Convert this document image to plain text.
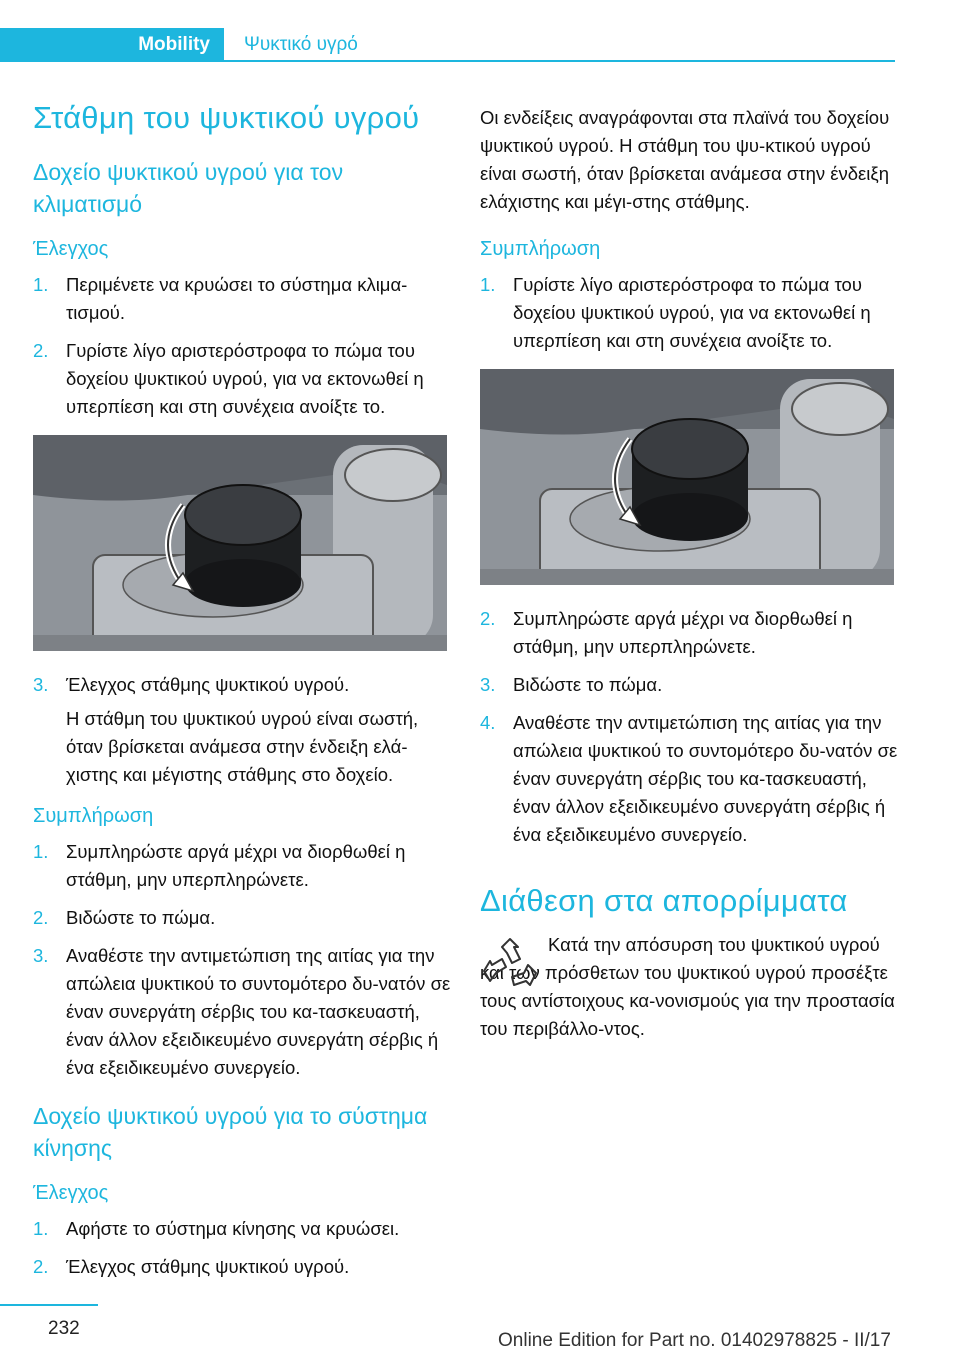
Mobility	Ψυκτικό υγρό
Στάθμη του ψυκτικού υγρού
Δοχείο ψυκτικού υγρού για τον κλιματισμό
Έλεγχος
1. Περιμένετε να κρυώσει το σύστημα κλιμα-τισμού.
2. Γυρίστε λίγο αριστερόστροφα το πώμα του δοχείου ψυκτικού υγρού, για να εκτονωθεί η υπερπίεση και στη συνέχεια ανοίξτε το.
3. Έλεγχος στάθμης ψυκτικού υγρού.

Η στάθμη του ψυκτικού υγρού είναι σωστή, όταν βρίσκεται ανάμεσα στην ένδειξη ελά-χιστης και μέγιστης στάθμης στο δοχείο.

Συμπλήρωση
1. Συμπληρώστε αργά μέχρι να διορθωθεί η στάθμη, μην υπερπληρώνετε.
2. Βιδώστε το πώμα.
3. Αναθέστε την αντιμετώπιση της αιτίας για την απώλεια ψυκτικού το συντομότερο δυ-νατόν σε έναν συνεργάτη σέρβις του κα-τασκευαστή, έναν άλλον εξειδικευμένο συνεργάτη σέρβις ή ένα εξειδικευμένο συνεργείο.
Δοχείο ψυκτικού υγρού για το σύστημα κίνησης
Έλεγχος
1. Αφήστε το σύστημα κίνησης να κρυώσει.
2. Έλεγχος στάθμης ψυκτικού υγρού.

Οι ενδείξεις αναγράφονται στα πλαϊνά του δοχείου ψυκτικού υγρού. Η στάθμη του ψυ-κτικού υγρού είναι σωστή, όταν βρίσκεται ανάμεσα στην ένδειξη ελάχιστης και μέγι-στης στάθμης.

Συμπλήρωση
1. Γυρίστε λίγο αριστερόστροφα το πώμα του δοχείου ψυκτικού υγρού, για να εκτονωθεί η υπερπίεση και στη συνέχεια ανοίξτε το.
2. Συμπληρώστε αργά μέχρι να διορθωθεί η στάθμη, μην υπερπληρώνετε.
3. Βιδώστε το πώμα.
4. Αναθέστε την αντιμετώπιση της αιτίας για την απώλεια ψυκτικού το συντομότερο δυ-νατόν σε έναν συνεργάτη σέρβις του κα-τασκευαστή, έναν άλλον εξειδικευμένο συνεργάτη σέρβις ή ένα εξειδικευμένο συνεργείο.
Διάθεση στα απορρίμματα

Κατά την απόσυρση του ψυκτικού υγρού και των πρόσθετων του ψυκτικού υγρού προσέξτε τους αντίστοιχους κα-νονισμούς για την προστασία του περιβάλλο-ντος.

232
Online Edition for Part no. 01402978825 - II/17
